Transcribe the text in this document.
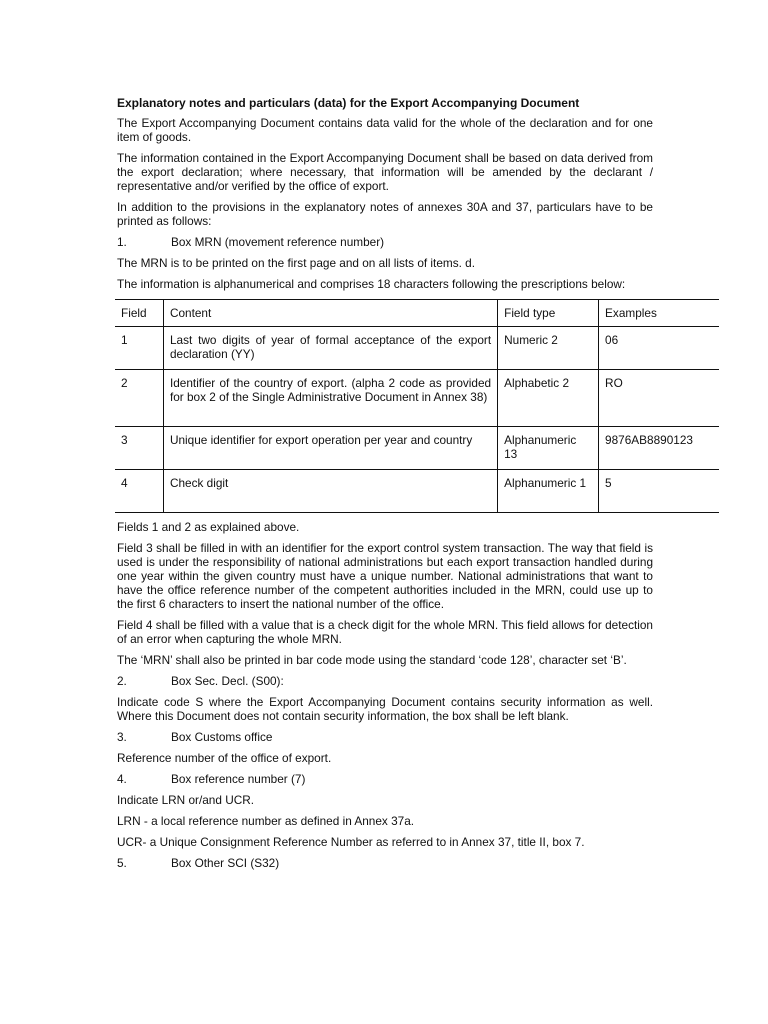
Explanatory notes and particulars (data) for the Export Accompanying Document

The Export Accompanying Document contains data valid for the whole of the declaration and for one item of goods.

The information contained in the Export Accompanying Document shall be based on data derived from the export declaration; where necessary, that information will be amended by the declarant / representative and/or verified by the office of export.

In addition to the provisions in the explanatory notes of annexes 30A and 37, particulars have to be printed as follows:

1.	Box MRN (movement reference number)

The MRN is to be printed on the first page and on all lists of items. d.

The information is alphanumerical and comprises 18 characters following the prescriptions below:

Field	Content	Field type	Examples
1	Last two digits of year of formal acceptance of the export declaration (YY)	Numeric 2	06
2	Identifier of the country of export. (alpha 2 code as provided for box 2 of the Single Administrative Document in Annex 38)	Alphabetic 2	RO
3	Unique identifier for export operation per year and country	Alphanumeric 13	9876AB8890123
4	Check digit	Alphanumeric 1	5

Fields 1 and 2 as explained above.

Field 3 shall be filled in with an identifier for the export control system transaction. The way that field is used is under the responsibility of national administrations but each export transaction handled during one year within the given country must have a unique number. National administrations that want to have the office reference number of the competent authorities included in the MRN, could use up to the first 6 characters to insert the national number of the office.

Field 4 shall be filled with a value that is a check digit for the whole MRN. This field allows for detection of an error when capturing the whole MRN.

The ‘MRN’ shall also be printed in bar code mode using the standard ‘code 128’, character set ‘B’.

2.	Box Sec. Decl. (S00):

Indicate code S where the Export Accompanying Document contains security information as well. Where this Document does not contain security information, the box shall be left blank.

3.	Box Customs office

Reference number of the office of export.

4.	Box reference number (7)

Indicate LRN or/and UCR.

LRN - a local reference number as defined in Annex 37a.

UCR- a Unique Consignment Reference Number as referred to in Annex 37, title II, box 7.

5.	Box Other SCI (S32)
